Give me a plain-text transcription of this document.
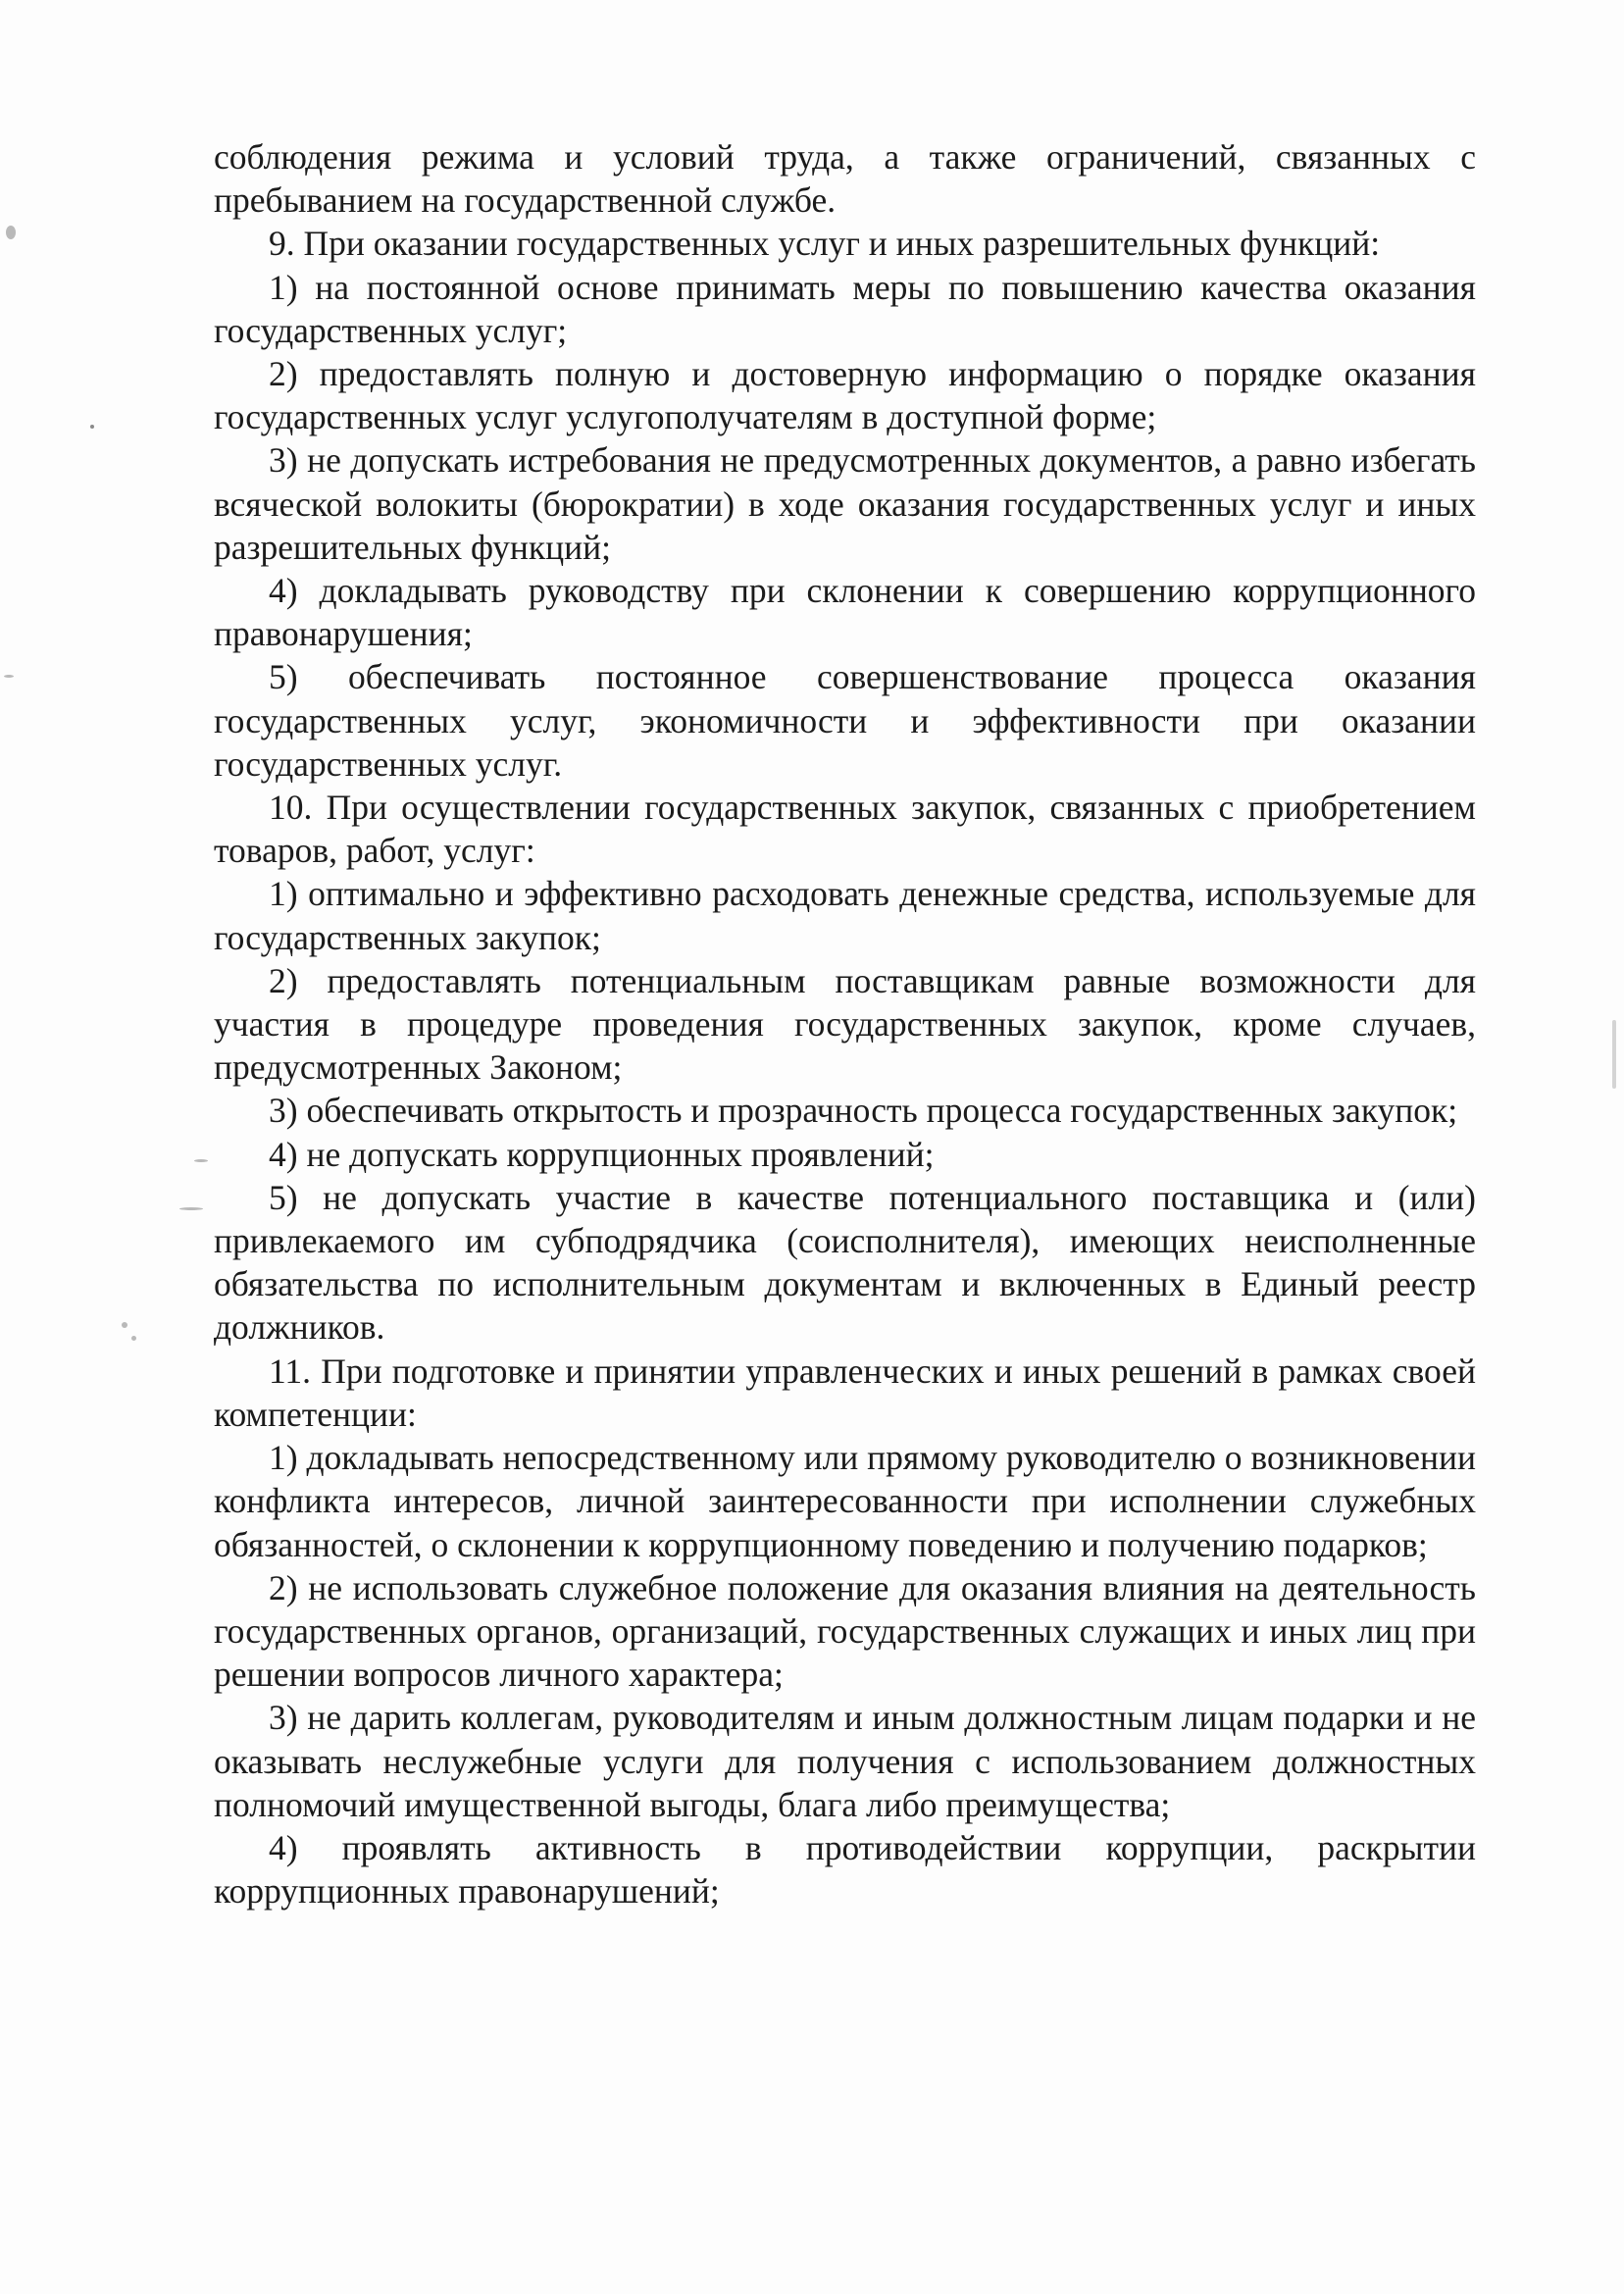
соблюдения режима и условий труда, а также ограничений, связанных с пребыванием на государственной службе.

9. При оказании государственных услуг и иных разрешительных функций:

1) на постоянной основе принимать меры по повышению качества оказания государственных услуг;

2) предоставлять полную и достоверную информацию о порядке оказания государственных услуг услугополучателям в доступной форме;

3) не допускать истребования не предусмотренных документов, а равно избегать всяческой волокиты (бюрократии) в ходе оказания государственных услуг и иных разрешительных функций;

4) докладывать руководству при склонении к совершению коррупционного правонарушения;

5) обеспечивать постоянное совершенствование процесса оказания государственных услуг, экономичности и эффективности при оказании государственных услуг.

10. При осуществлении государственных закупок, связанных с приобретением товаров, работ, услуг:

1) оптимально и эффективно расходовать денежные средства, используемые для государственных закупок;

2) предоставлять потенциальным поставщикам равные возможности для участия в процедуре проведения государственных закупок, кроме случаев, предусмотренных Законом;

3) обеспечивать открытость и прозрачность процесса государственных закупок;

4) не допускать коррупционных проявлений;

5) не допускать участие в качестве потенциального поставщика и (или) привлекаемого им субподрядчика (соисполнителя), имеющих неисполненные обязательства по исполнительным документам и включенных в Единый реестр должников.

11. При подготовке и принятии управленческих и иных решений в рамках своей компетенции:

1) докладывать непосредственному или прямому руководителю о возникновении конфликта интересов, личной заинтересованности при исполнении служебных обязанностей, о склонении к коррупционному поведению и получению подарков;

2) не использовать служебное положение для оказания влияния на деятельность государственных органов, организаций, государственных служащих и иных лиц при решении вопросов личного характера;

3) не дарить коллегам, руководителям и иным должностным лицам подарки и не оказывать неслужебные услуги для получения с использованием должностных полномочий имущественной выгоды, блага либо преимущества;

4) проявлять активность в противодействии коррупции, раскрытии коррупционных правонарушений;
